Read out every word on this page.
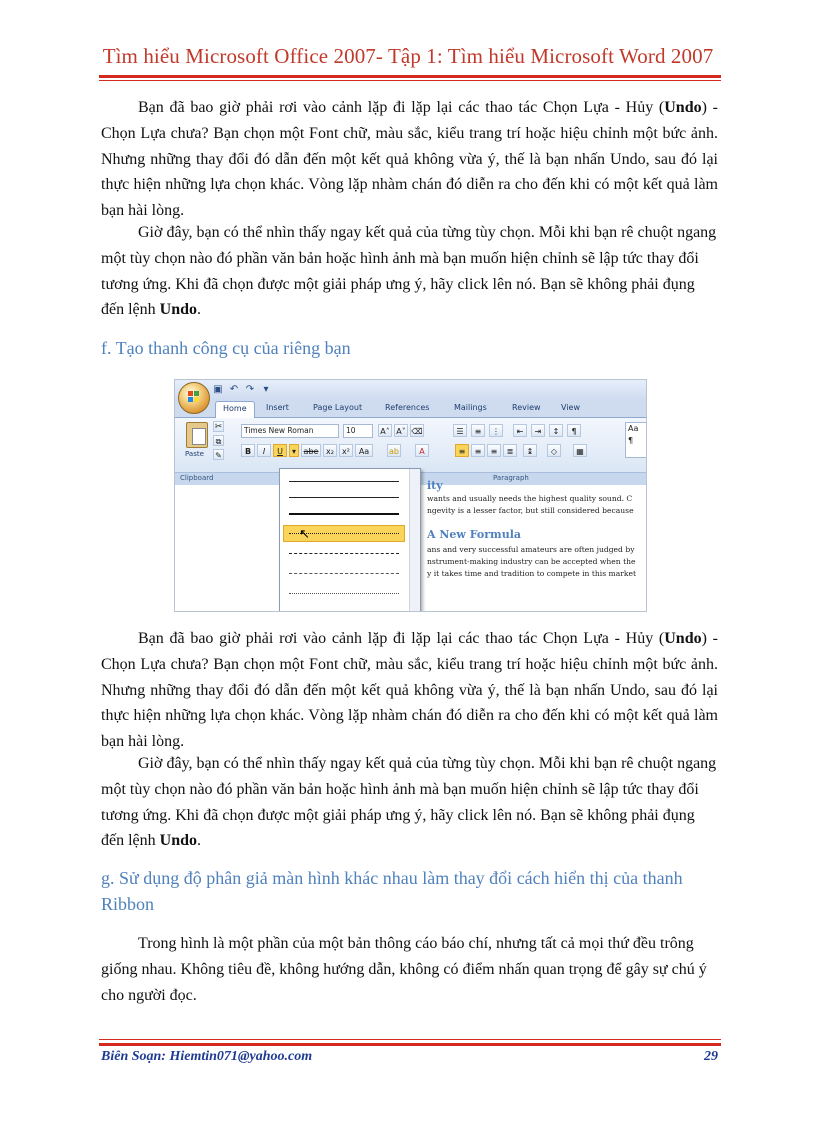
Tìm hiểu Microsoft Office 2007- Tập 1: Tìm hiểu Microsoft Word 2007

Bạn đã bao giờ phải rơi vào cảnh lặp đi lặp lại các thao tác Chọn Lựa - Hủy (Undo) - Chọn Lựa chưa? Bạn chọn một Font chữ, màu sắc, kiểu trang trí hoặc hiệu chỉnh một bức ảnh. Nhưng những thay đổi đó dẫn đến một kết quả không vừa ý, thế là bạn nhấn Undo, sau đó lại thực hiện những lựa chọn khác. Vòng lặp nhàm chán đó diễn ra cho đến khi có một kết quả làm bạn hài lòng.

Giờ đây, bạn có thể nhìn thấy ngay kết quả của từng tùy chọn. Mỗi khi bạn rê chuột ngang một tùy chọn nào đó phần văn bản hoặc hình ảnh mà bạn muốn hiện chỉnh sẽ lập tức thay đổi tương ứng. Khi đã chọn được một giải pháp ưng ý, hãy click lên nó. Bạn sẽ không phải đụng đến lệnh Undo.

f. Tạo thanh công cụ của riêng bạn

▣ ↶ ↷ ▾
Home	Insert	Page Layout	References	Mailings	Review	View
Paste
✂
⧉
✎
Times New Roman	10	A˄ A˅ ⌫
B	I	U	▾ abe x₂	x²	Aa	ab	A
☰	≡	⋮	⇤	⇥	↕	¶
≡	≡	≡	≣	↨	◇	▦
Aa
¶
Clipboard	Paragraph
ity
wants and usually needs the highest quality sound. C
ngevity is a lesser factor, but still considered because
A New Formula
ans and very successful amateurs are often judged by
nstrument-making industry can be accepted when the
y it takes time and tradition to compete in this market
↖

Bạn đã bao giờ phải rơi vào cảnh lặp đi lặp lại các thao tác Chọn Lựa - Hủy (Undo) - Chọn Lựa chưa? Bạn chọn một Font chữ, màu sắc, kiểu trang trí hoặc hiệu chỉnh một bức ảnh. Nhưng những thay đổi đó dẫn đến một kết quả không vừa ý, thế là bạn nhấn Undo, sau đó lại thực hiện những lựa chọn khác. Vòng lặp nhàm chán đó diễn ra cho đến khi có một kết quả làm bạn hài lòng.

Giờ đây, bạn có thể nhìn thấy ngay kết quả của từng tùy chọn. Mỗi khi bạn rê chuột ngang một tùy chọn nào đó phần văn bản hoặc hình ảnh mà bạn muốn hiện chỉnh sẽ lập tức thay đổi tương ứng. Khi đã chọn được một giải pháp ưng ý, hãy click lên nó. Bạn sẽ không phải đụng đến lệnh Undo.

g. Sử dụng độ phân giả màn hình khác nhau làm thay đổi cách hiển thị của thanh Ribbon

Trong hình là một phần của một bản thông cáo báo chí, nhưng tất cả mọi thứ đều trông giống nhau. Không tiêu đề, không hướng dẫn, không có điểm nhấn quan trọng để gây sự chú ý cho người đọc.

Biên Soạn: Hiemtin071@yahoo.com	29
